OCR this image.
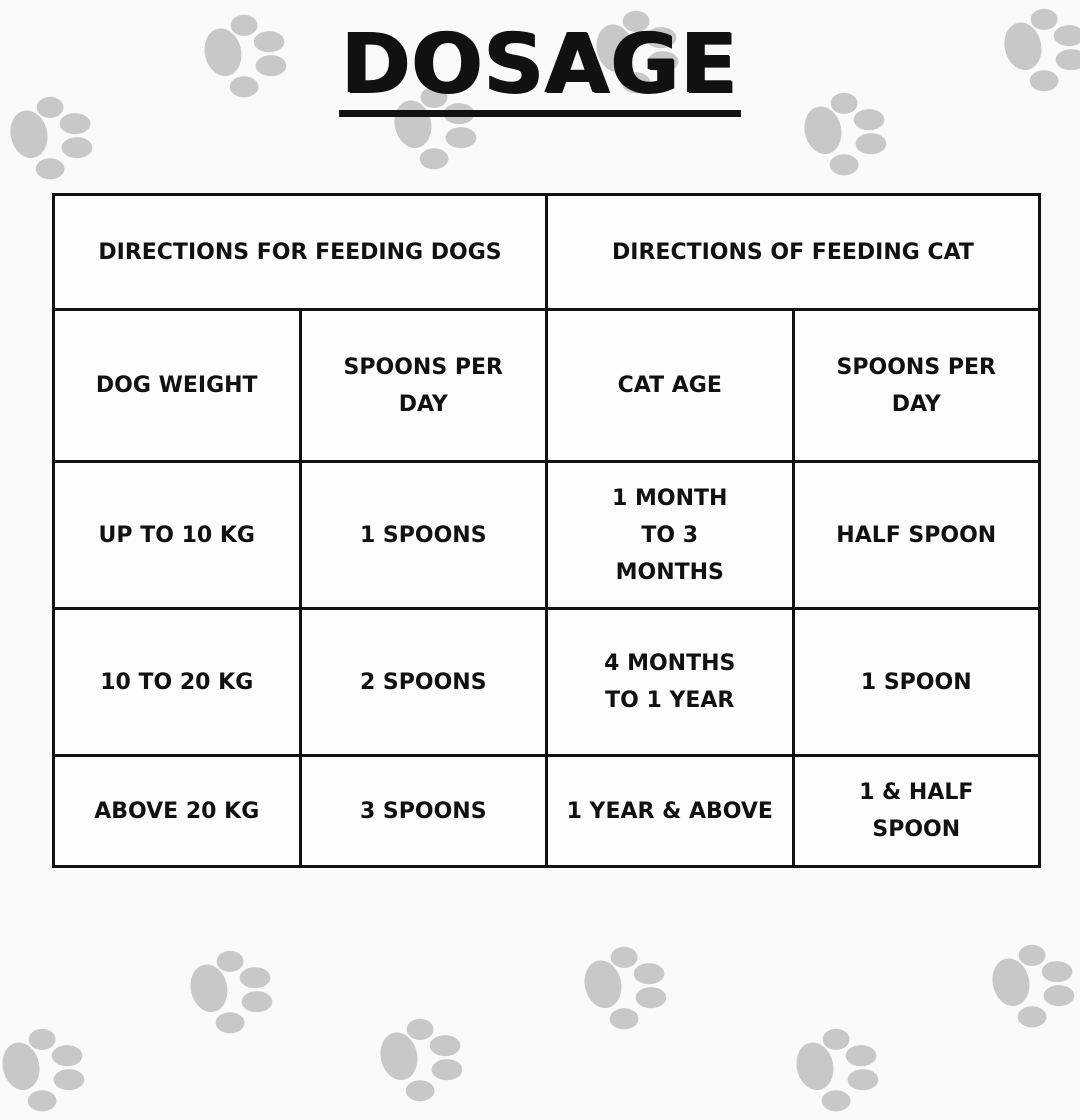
DOSAGE
DIRECTIONS FOR FEEDING DOGS		DIRECTIONS OF FEEDING CAT	
DOG WEIGHT	SPOONS PER DAY	CAT AGE	SPOONS PER DAY
UP TO 10 KG	1 SPOONS	1 MONTH TO 3 MONTHS	HALF SPOON
10 TO 20 KG	2 SPOONS	4 MONTHS TO 1 YEAR	1 SPOON
ABOVE 20 KG	3 SPOONS	1 YEAR & ABOVE	1 & HALF SPOON
